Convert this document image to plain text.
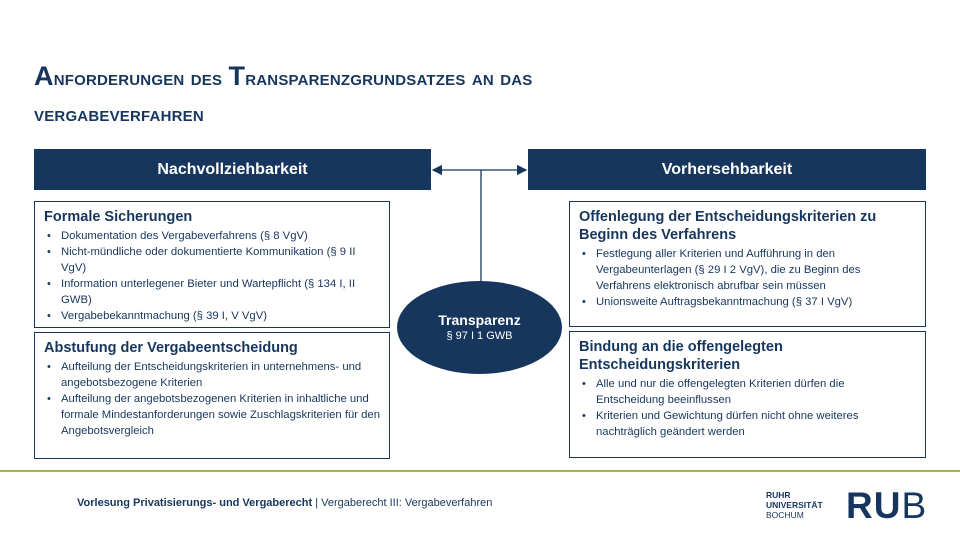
Anforderungen des Transparenzgrundsatzes an das
vergabeverfahren
Nachvollziehbarkeit	Vorhersehbarkeit
Transparenz
§ 97 I 1 GWB
Formale Sicherungen
• Dokumentation des Vergabeverfahrens (§ 8 VgV)
• Nicht-mündliche oder dokumentierte Kommunikation (§ 9 II VgV)
• Information unterlegener Bieter und Wartepflicht (§ 134 I, II GWB)
• Vergabebekanntmachung (§ 39 I, V VgV)
Abstufung der Vergabeentscheidung
• Aufteilung der Entscheidungskriterien in unternehmens- und angebotsbezogene Kriterien
• Aufteilung der angebotsbezogenen Kriterien in inhaltliche und formale Mindestanforderungen sowie Zuschlagskriterien für den Angebotsvergleich
Offenlegung der Entscheidungskriterien zu Beginn des Verfahrens
• Festlegung aller Kriterien und Aufführung in den Vergabeunterlagen (§ 29 I 2 VgV), die zu Beginn des Verfahrens elektronisch abrufbar sein müssen
• Unionsweite Auftragsbekanntmachung (§ 37 I VgV)
Bindung an die offengelegten Entscheidungskriterien
• Alle und nur die offengelegten Kriterien dürfen die Entscheidung beeinflussen
• Kriterien und Gewichtung dürfen nicht ohne weiteres nachträglich geändert werden
Vorlesung Privatisierungs- und Vergaberecht | Vergaberecht III: Vergabeverfahren
RUHR
UNIVERSITÄT
BOCHUM	RUB
